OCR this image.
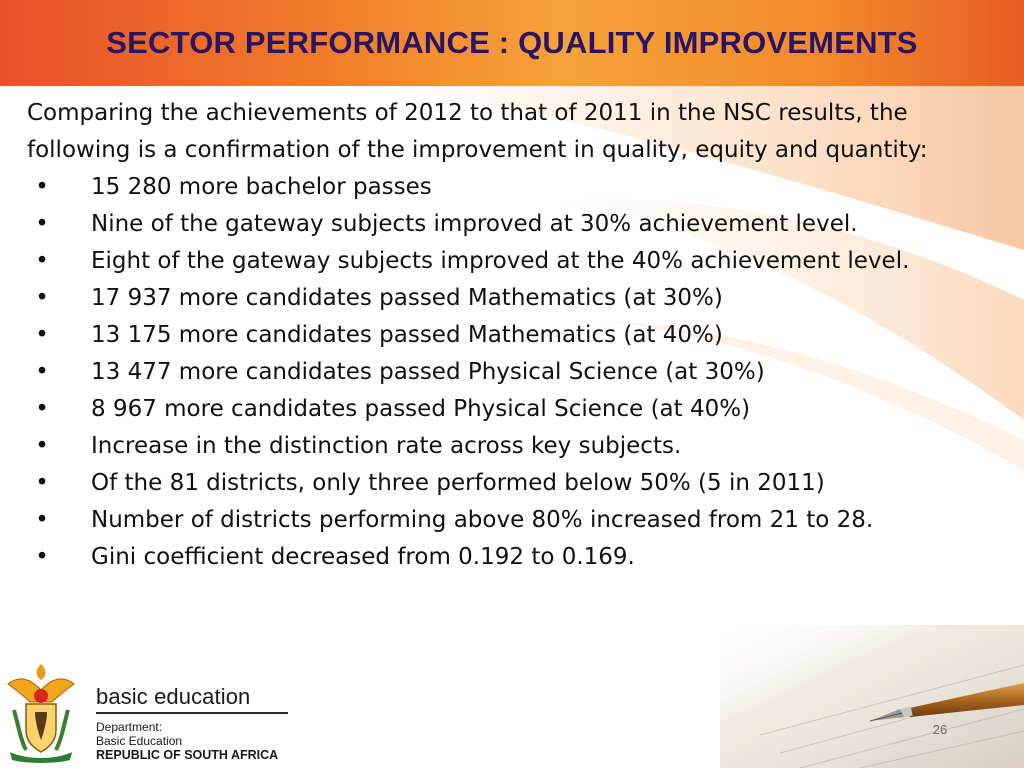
SECTOR PERFORMANCE : QUALITY IMPROVEMENTS

Comparing the achievements of 2012 to that of 2011 in the NSC results, the following is a confirmation of the improvement in quality, equity and quantity:

• 15 280 more bachelor passes
• Nine of the gateway subjects improved at 30% achievement level.
• Eight of the gateway subjects improved at the 40% achievement level.
• 17 937 more candidates passed Mathematics (at 30%)
• 13 175 more candidates passed Mathematics (at 40%)
• 13 477 more candidates passed Physical Science (at 30%)
• 8 967 more candidates passed Physical Science (at 40%)
• Increase in the distinction rate across key subjects.
• Of the 81 districts, only three performed below 50% (5 in 2011)
• Number of districts performing above 80% increased from 21 to 28.
• Gini coefficient decreased from 0.192 to 0.169.
basic education
Department:
Basic Education
REPUBLIC OF SOUTH AFRICA
26
